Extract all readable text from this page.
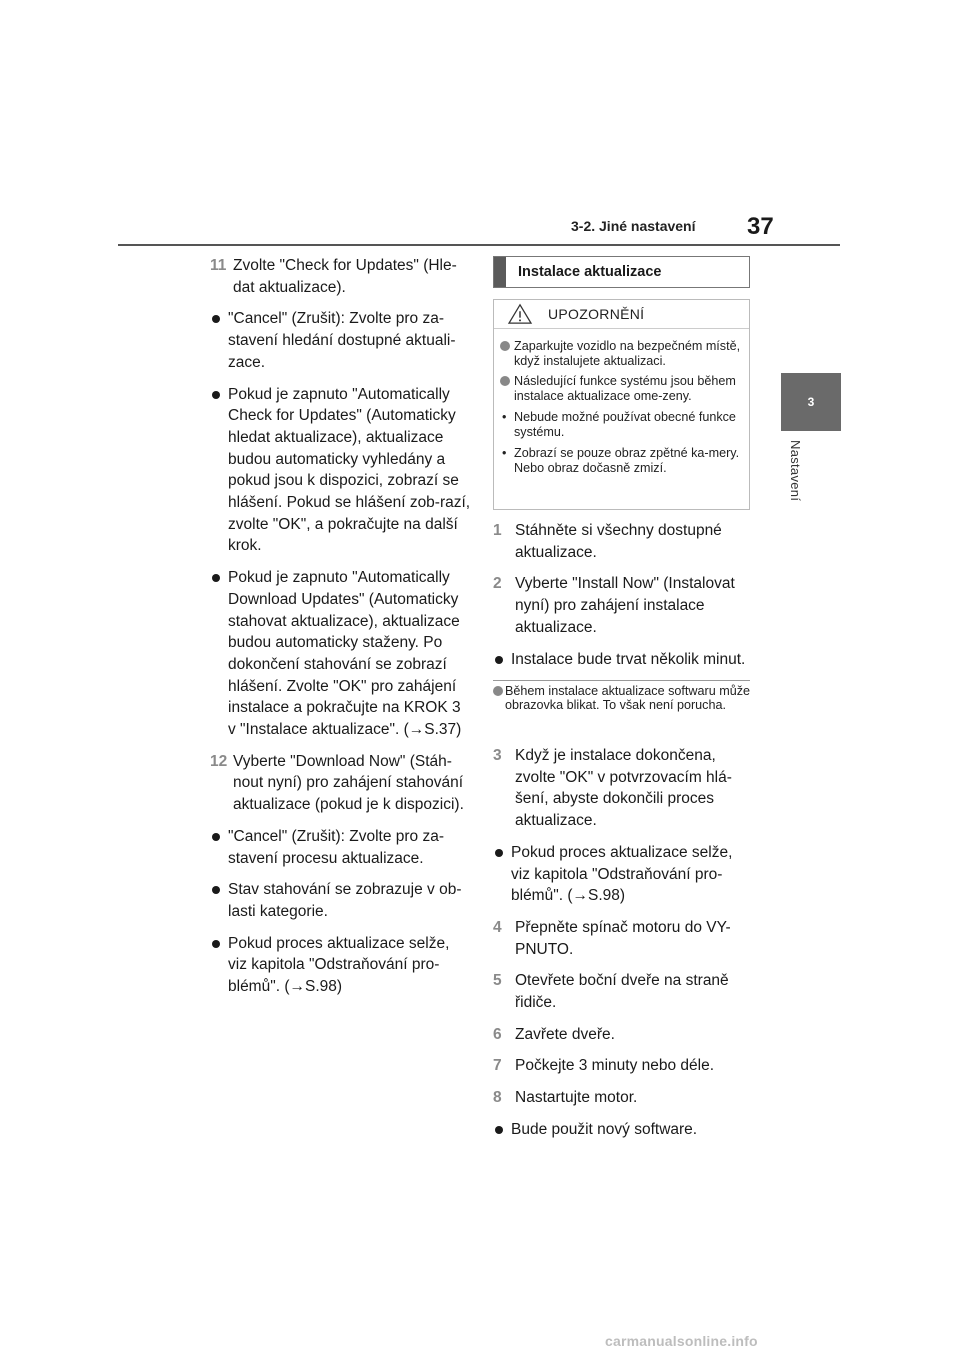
3-2. Jiné nastavení 37
3
Nastavení
11 Zvolte "Check for Updates" (Hle-dat aktualizace).
"Cancel" (Zrušit): Zvolte pro za-stavení hledání dostupné aktuali-zace.
Pokud je zapnuto "Automatically Check for Updates" (Automaticky hledat aktualizace), aktualizace budou automaticky vyhledány a pokud jsou k dispozici, zobrazí se hlášení. Pokud se hlášení zob-razí, zvolte "OK", a pokračujte na další krok.
Pokud je zapnuto "Automatically Download Updates" (Automaticky stahovat aktualizace), aktualizace budou automaticky staženy. Po dokončení stahování se zobrazí hlášení. Zvolte "OK" pro zahájení instalace a pokračujte na KROK 3 v "Instalace aktualizace". (→S.37)
12 Vyberte "Download Now" (Stáh-nout nyní) pro zahájení stahování aktualizace (pokud je k dispozici).
"Cancel" (Zrušit): Zvolte pro za-stavení procesu aktualizace.
Stav stahování se zobrazuje v ob-lasti kategorie.
Pokud proces aktualizace selže, viz kapitola "Odstraňování pro-blémů". (→S.98)
Instalace aktualizace
UPOZORNĚNÍ
Zaparkujte vozidlo na bezpečném místě, když instalujete aktualizaci.
Následující funkce systému jsou během instalace aktualizace ome-zeny.
• Nebude možné používat obecné funkce systému.
• Zobrazí se pouze obraz zpětné ka-mery. Nebo obraz dočasně zmizí.
1 Stáhněte si všechny dostupné aktualizace.
2 Vyberte "Install Now" (Instalovat nyní) pro zahájení instalace aktualizace.
Instalace bude trvat několik minut.
Během instalace aktualizace softwaru může obrazovka blikat. To však není porucha.
3 Když je instalace dokončena, zvolte "OK" v potvrzovacím hlá-šení, abyste dokončili proces aktualizace.
Pokud proces aktualizace selže, viz kapitola "Odstraňování pro-blémů". (→S.98)
4 Přepněte spínač motoru do VY-PNUTO.
5 Otevřete boční dveře na straně řidiče.
6 Zavřete dveře.
7 Počkejte 3 minuty nebo déle.
8 Nastartujte motor.
Bude použit nový software.
carmanualsonline.info
